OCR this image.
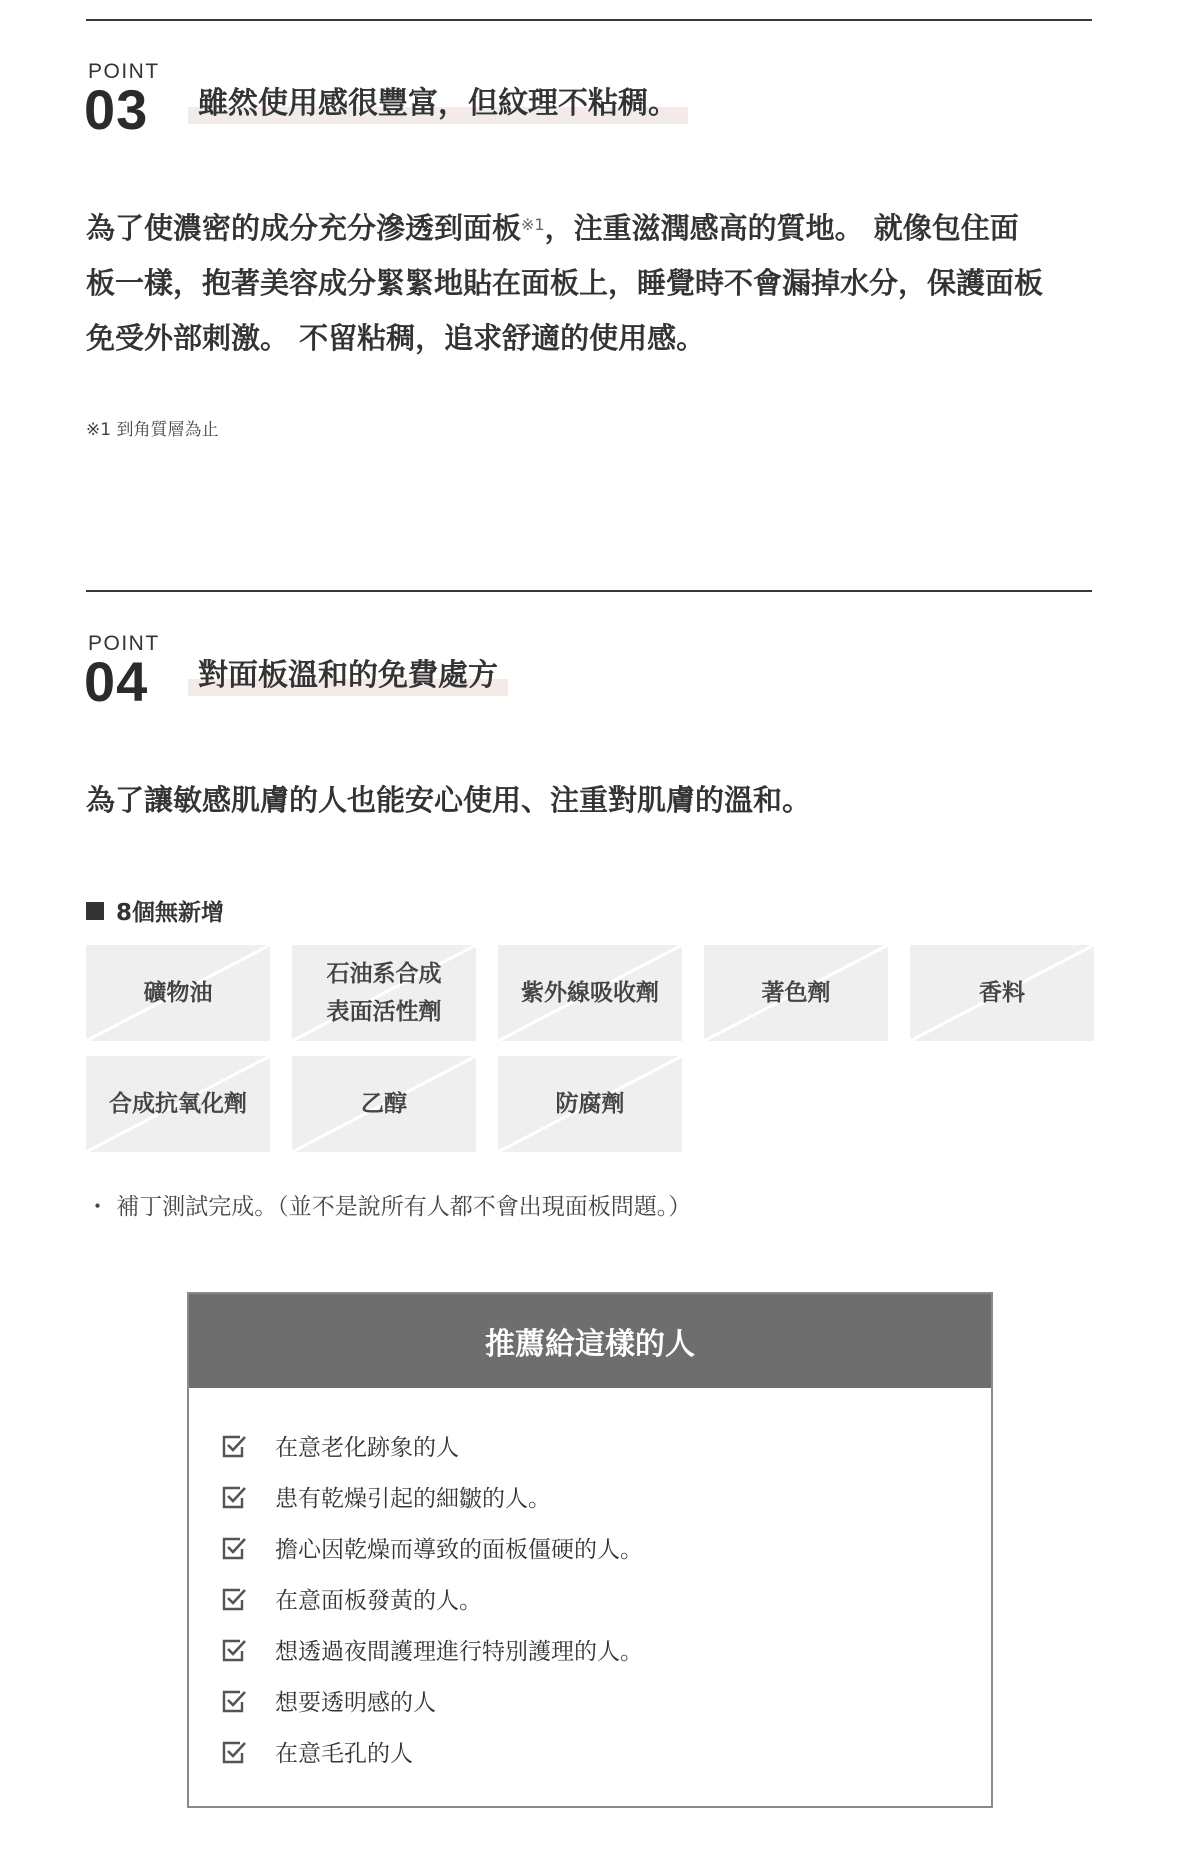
POINT
03	雖然使用感很豐富，但紋理不粘稠。
為了使濃密的成分充分滲透到面板$^{※1}$，注重滋潤感高的質地。 就像包住面板一樣，抱著美容成分緊緊地貼在面板上，睡覺時不會漏掉水分，保護面板免受外部刺激。 不留粘稠，追求舒適的使用感。
※1 到角質層為止
POINT
04	對面板溫和的免費處方
為了讓敏感肌膚的人也能安心使用、注重對肌膚的溫和。
8個無新增
礦物油
石油系合成
表面活性劑
紫外線吸收劑	著色劑	香料
合成抗氧化劑	乙醇	防腐劑
・ 補丁測試完成。（並不是說所有人都不會出現面板問題。）
推薦給這樣的人
在意老化跡象的人
患有乾燥引起的細皺的人。
擔心因乾燥而導致的面板僵硬的人。
在意面板發黃的人。
想透過夜間護理進行特別護理的人。
想要透明感的人
在意毛孔的人
